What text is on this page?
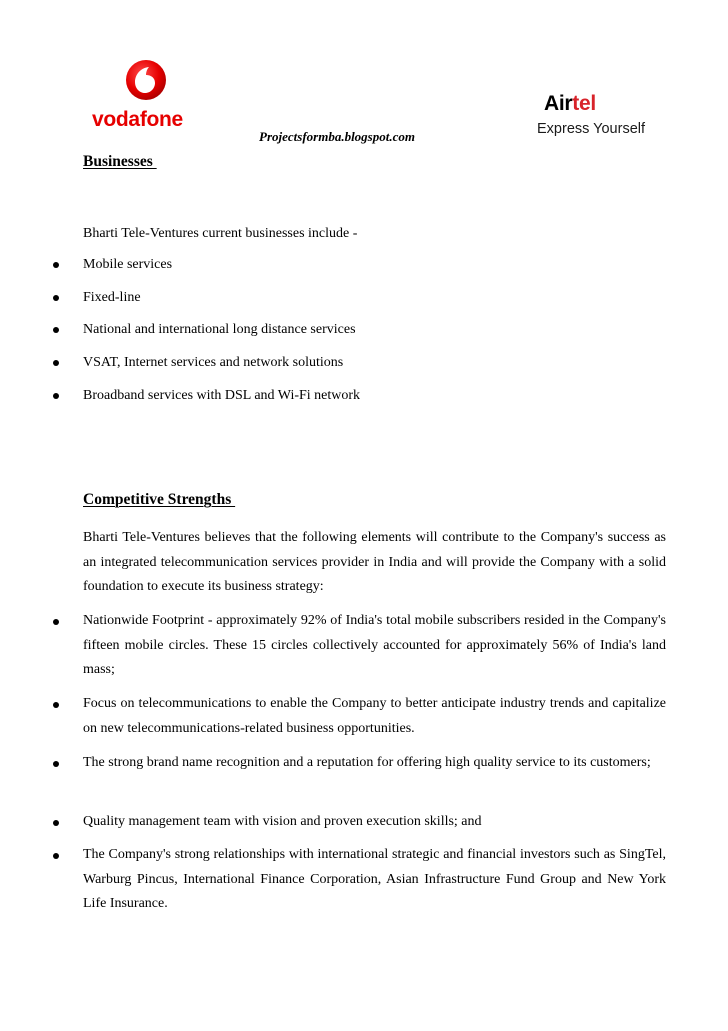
vodafone
Projectsformba.blogspot.com
Airtel
Express Yourself
Businesses
Bharti Tele-Ventures current businesses include -
Mobile services
Fixed-line
National and international long distance services
VSAT, Internet services and network solutions
Broadband services with DSL and Wi-Fi network
Competitive Strengths
Bharti Tele-Ventures believes that the following elements will contribute to the Company's success as an integrated telecommunication services provider in India and will provide the Company with a solid foundation to execute its business strategy:
Nationwide Footprint - approximately 92% of India's total mobile subscribers resided in the Company's fifteen mobile circles. These 15 circles collectively accounted for approximately 56% of India's land mass;
Focus on telecommunications to enable the Company to better anticipate industry trends and capitalize on new telecommunications-related business opportunities.
The strong brand name recognition and a reputation for offering high quality service to its customers;
Quality management team with vision and proven execution skills; and
The Company's strong relationships with international strategic and financial investors such as SingTel, Warburg Pincus, International Finance Corporation, Asian Infrastructure Fund Group and New York Life Insurance.
